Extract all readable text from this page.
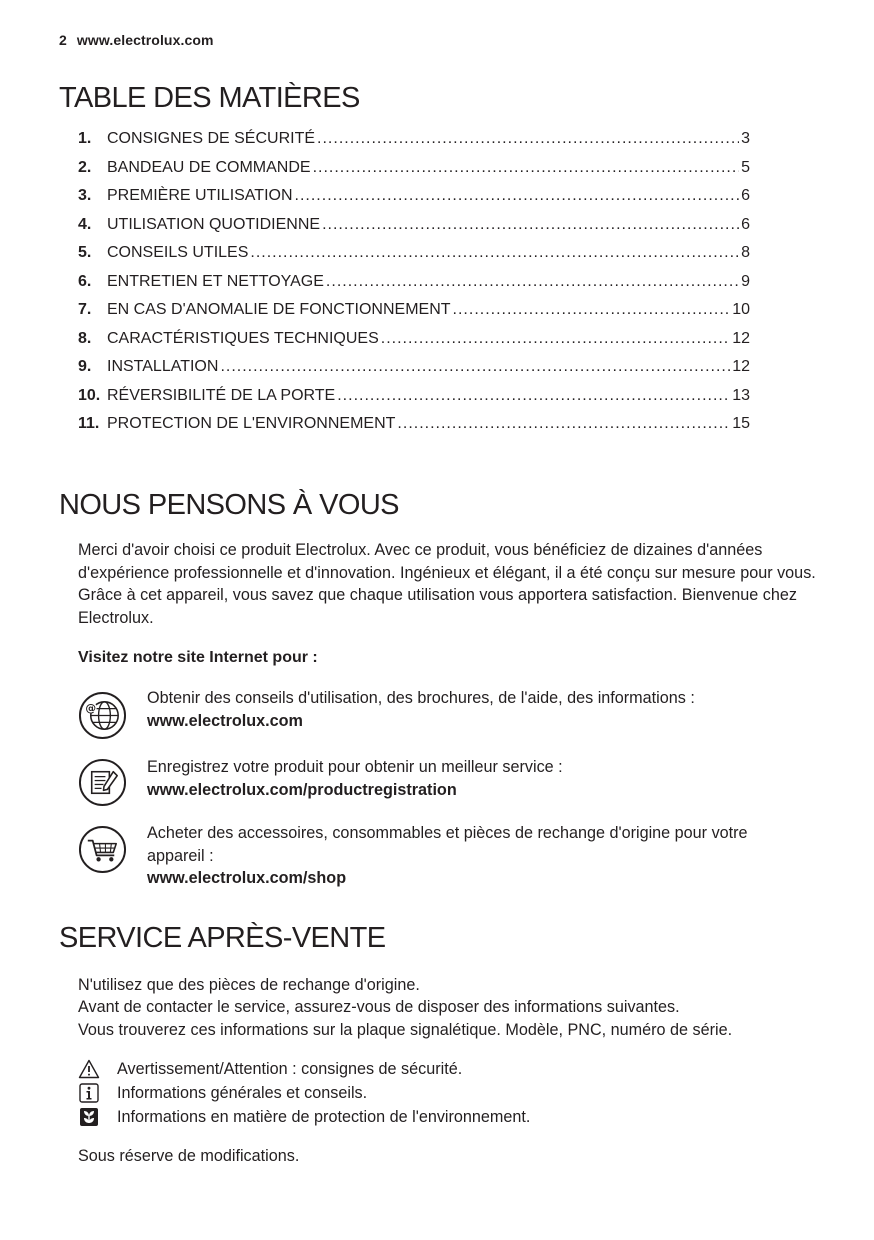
2 www.electrolux.com
TABLE DES MATIÈRES
1. CONSIGNES DE SÉCURITÉ .....	3
2. BANDEAU DE COMMANDE .....	5
3. PREMIÈRE UTILISATION .....	6
4. UTILISATION QUOTIDIENNE .....	6
5. CONSEILS UTILES .....	8
6. ENTRETIEN ET NETTOYAGE .....	9
7. EN CAS D'ANOMALIE DE FONCTIONNEMENT .....	10
8. CARACTÉRISTIQUES TECHNIQUES .....	12
9. INSTALLATION .....	12
10. RÉVERSIBILITÉ DE LA PORTE .....	13
11. PROTECTION DE L'ENVIRONNEMENT .....	15
NOUS PENSONS À VOUS

Merci d'avoir choisi ce produit Electrolux. Avec ce produit, vous bénéficiez de dizaines d'années d'expérience professionnelle et d'innovation. Ingénieux et élégant, il a été conçu sur mesure pour vous. Grâce à cet appareil, vous savez que chaque utilisation vous apportera satisfaction. Bienvenue chez Electrolux.

Visitez notre site Internet pour :
@
Obtenir des conseils d'utilisation, des brochures, de l'aide, des informations :
www.electrolux.com
Enregistrez votre produit pour obtenir un meilleur service :
www.electrolux.com/productregistration
Acheter des accessoires, consommables et pièces de rechange d'origine pour votre appareil :
www.electrolux.com/shop
SERVICE APRÈS-VENTE
N'utilisez que des pièces de rechange d'origine.
Avant de contacter le service, assurez-vous de disposer des informations suivantes.
Vous trouverez ces informations sur la plaque signalétique. Modèle, PNC, numéro de série.
Avertissement/Attention : consignes de sécurité.
Informations générales et conseils.
Informations en matière de protection de l'environnement.
Sous réserve de modifications.
